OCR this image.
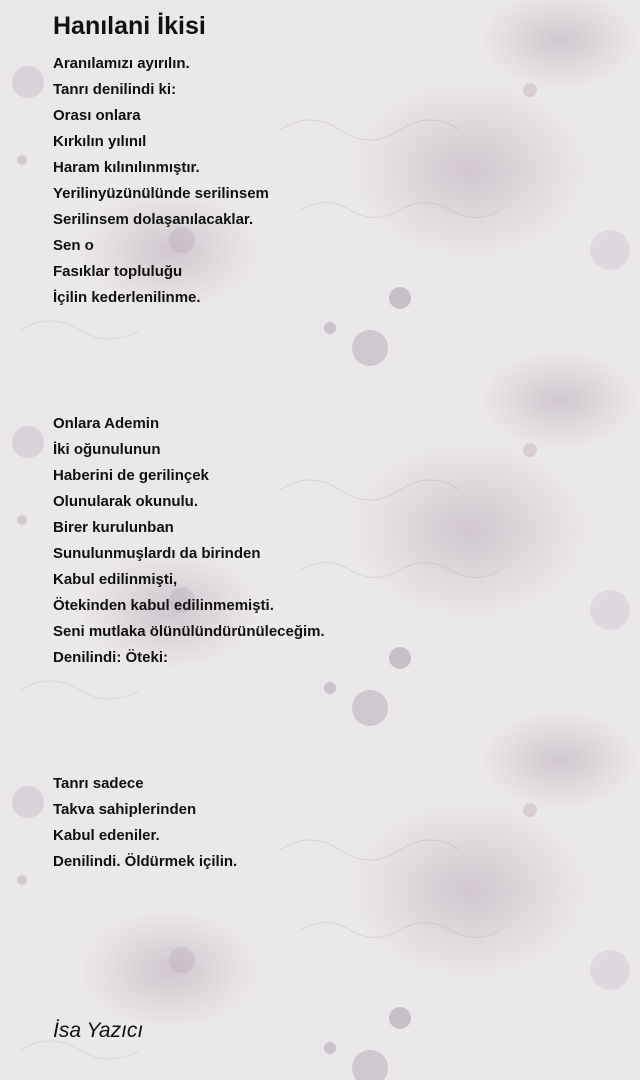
Hanılani İkisi
Aranılamızı ayırılın.
Tanrı denilindi ki:
Orası onlara
Kırkılın yılınıl
Haram kılınılınmıştır.
Yerilinyüzünülünde serilinsem
Serilinsem dolaşanılacaklar.
Sen o
Fasıklar topluluğu
İçilin kederlenilinme.
Onlara Ademin
İki oğunulunun
Haberini de gerilinçek
Olunularak okunulu.
Birer kurulunban
Sunulunmuşlardı da birinden
Kabul edilinmişti,
Ötekinden kabul edilinmemişti.
Seni mutlaka ölünülündürünüleceğim.
Denilindi: Öteki:
Tanrı sadece
Takva sahiplerinden
Kabul edeniler.
Denilindi. Öldürmek içilin.
İsa Yazıcı
